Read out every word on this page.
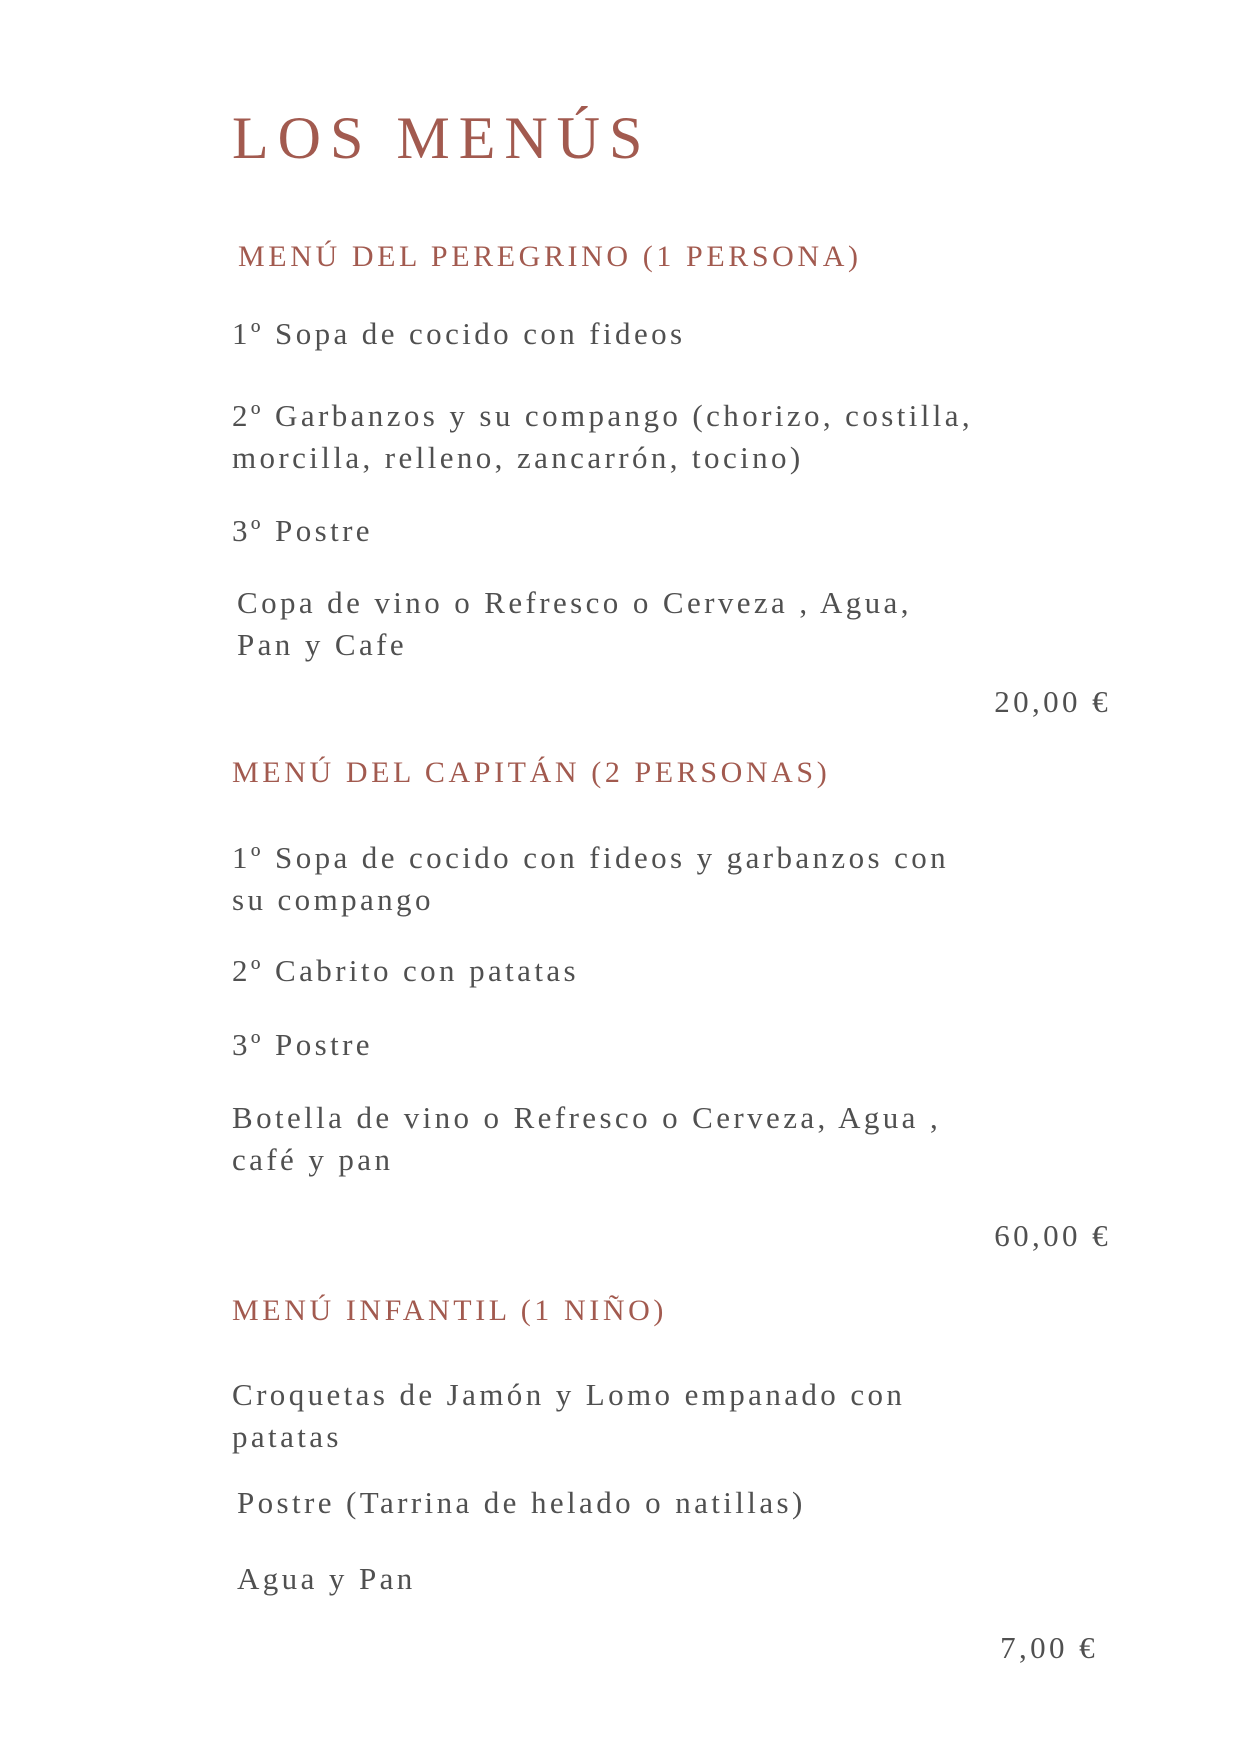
LOS MENÚS
MENÚ DEL PEREGRINO (1 PERSONA)
1º Sopa de cocido con fideos
2º Garbanzos y su compango (chorizo, costilla,
morcilla, relleno, zancarrón, tocino)
3º Postre
Copa de vino o Refresco o Cerveza , Agua,
Pan y Cafe
20,00 €
MENÚ DEL CAPITÁN (2 PERSONAS)
1º Sopa de cocido con fideos y garbanzos con
su compango
2º Cabrito con patatas
3º Postre
Botella de vino o Refresco o Cerveza, Agua ,
café y pan
60,00 €
MENÚ INFANTIL (1 NIÑO)
Croquetas de Jamón y Lomo empanado con
patatas
Postre (Tarrina de helado o natillas)
Agua y Pan
7,00 €
